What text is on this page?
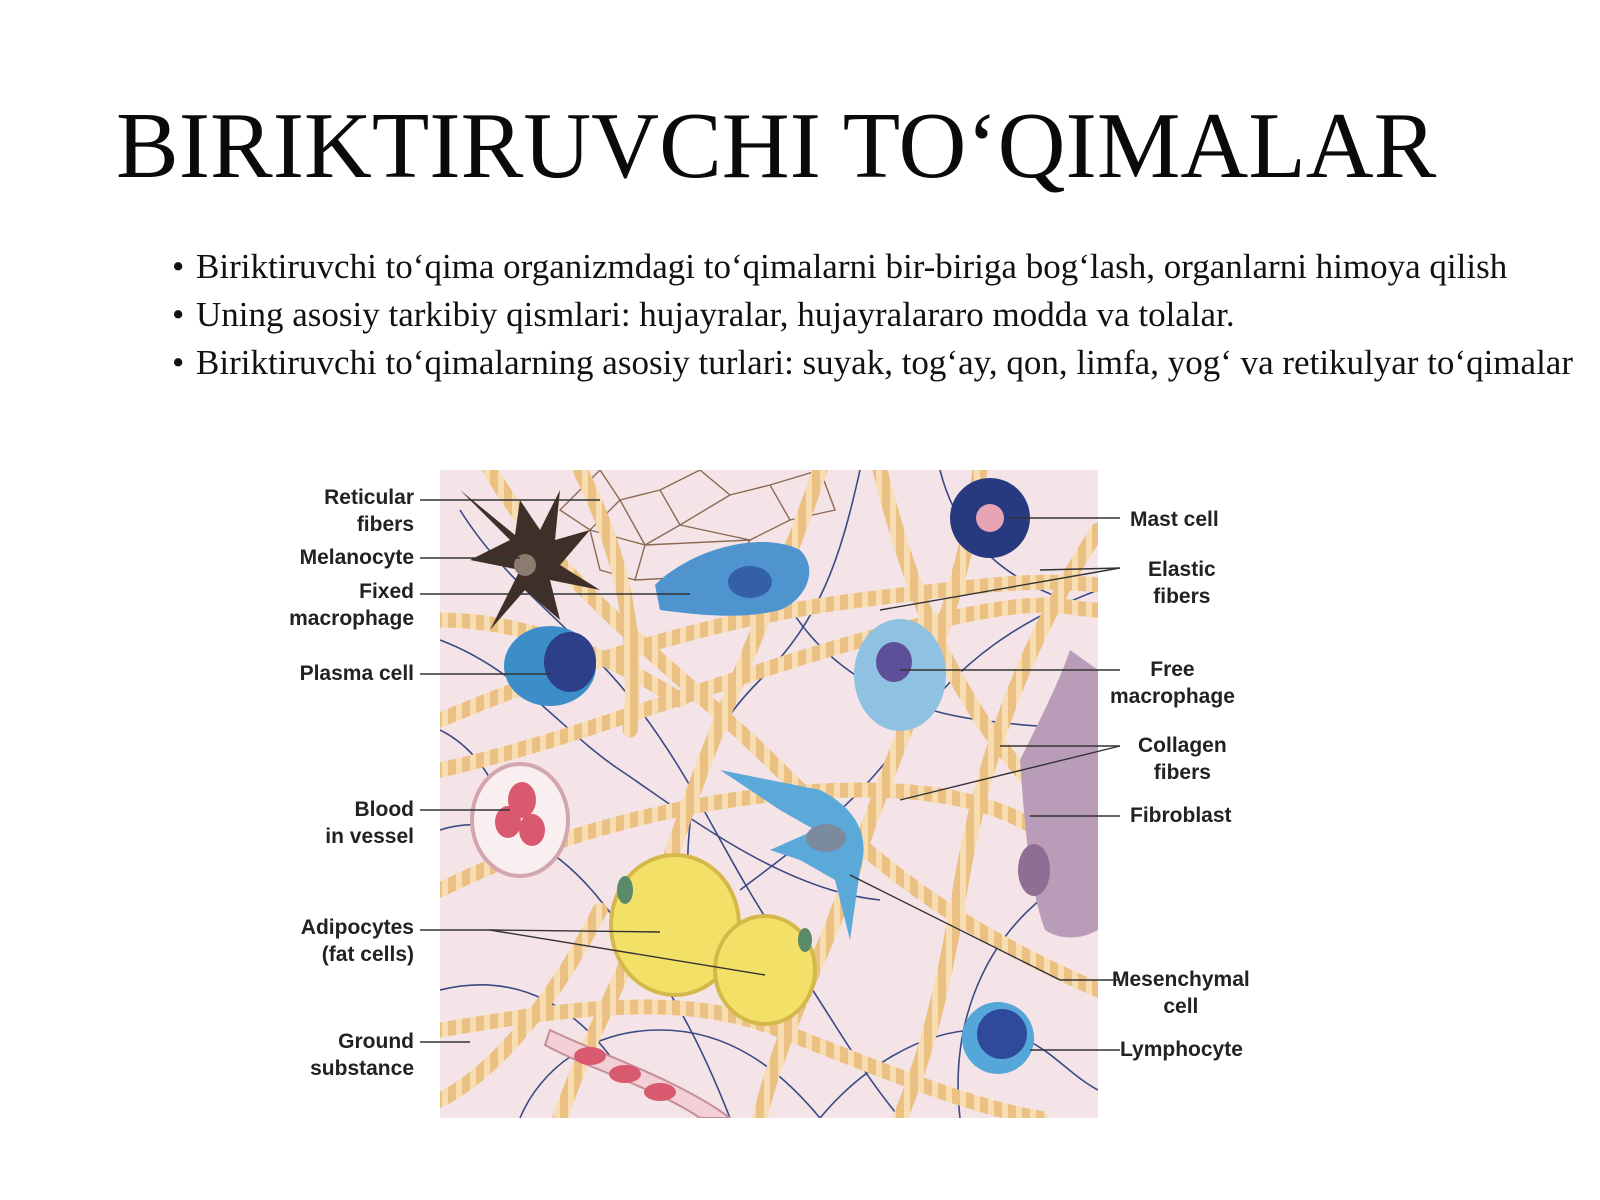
BIRIKTIRUVCHI TO‘QIMALAR
• Biriktiruvchi to‘qima organizmdagi to‘qimalarni bir-biriga bog‘lash, organlarni himoya qilish
• Uning asosiy tarkibiy qismlari: hujayralar, hujayralararo modda va tolalar.
• Biriktiruvchi to‘qimalarning asosiy turlari: suyak, tog‘ay, qon, limfa, yog‘ va retikulyar to‘qimalar
Reticular
fibers
Melanocyte
Fixed
macrophage
Plasma cell
Blood
in vessel
Adipocytes
(fat cells)
Ground
substance
Mast cell
Elastic
fibers
Free
macrophage
Collagen
fibers
Fibroblast
Mesenchymal
cell
Lymphocyte
